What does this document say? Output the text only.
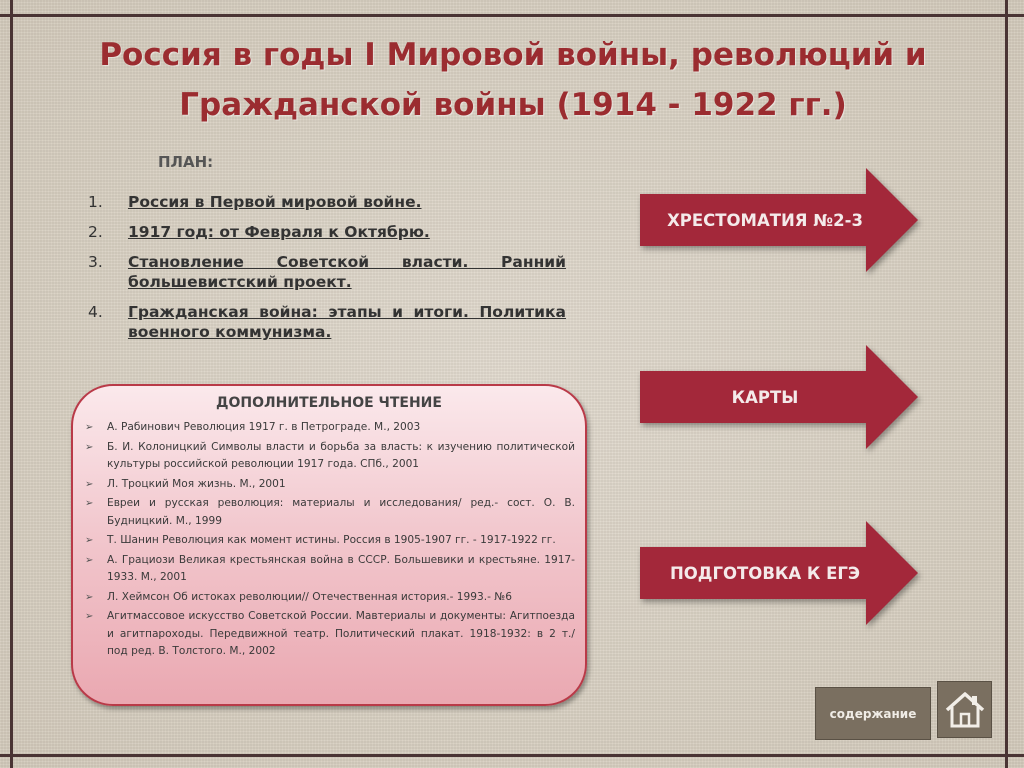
Россия в годы I Мировой войны, революций и
Гражданской войны (1914 - 1922 гг.)
ПЛАН:
1.	Россия в Первой мировой войне.
2.	1917 год: от Февраля к Октябрю.
3.	Становление Советской власти. Ранний большевистский проект.
4.	Гражданская война: этапы и итоги. Политика военного коммунизма.
ДОПОЛНИТЕЛЬНОЕ ЧТЕНИЕ
➢	А. Рабинович Революция 1917 г. в Петрограде. М., 2003
➢	Б. И. Колоницкий Символы власти и борьба за власть: к изучению политической культуры российской революции 1917 года. СПб., 2001
➢	Л. Троцкий Моя жизнь. М., 2001
➢	Евреи и русская революция: материалы и исследования/ ред.- сост. О. В. Будницкий. М., 1999
➢	Т. Шанин Революция как момент истины. Россия в 1905-1907 гг. - 1917-1922 гг.
➢	А. Грациози Великая крестьянская война в СССР. Большевики и крестьяне. 1917-1933. М., 2001
➢	Л. Хеймсон Об истоках революции// Отечественная история.- 1993.- №6
➢	Агитмассовое искусство Советской России. Мавтериалы и документы: Агитпоезда и агитпароходы. Передвижной театр. Политический плакат. 1918-1932: в 2 т./ под ред. В. Толстого. М., 2002
ХРЕСТОМАТИЯ №2-3
КАРТЫ
ПОДГОТОВКА К ЕГЭ
содержание
